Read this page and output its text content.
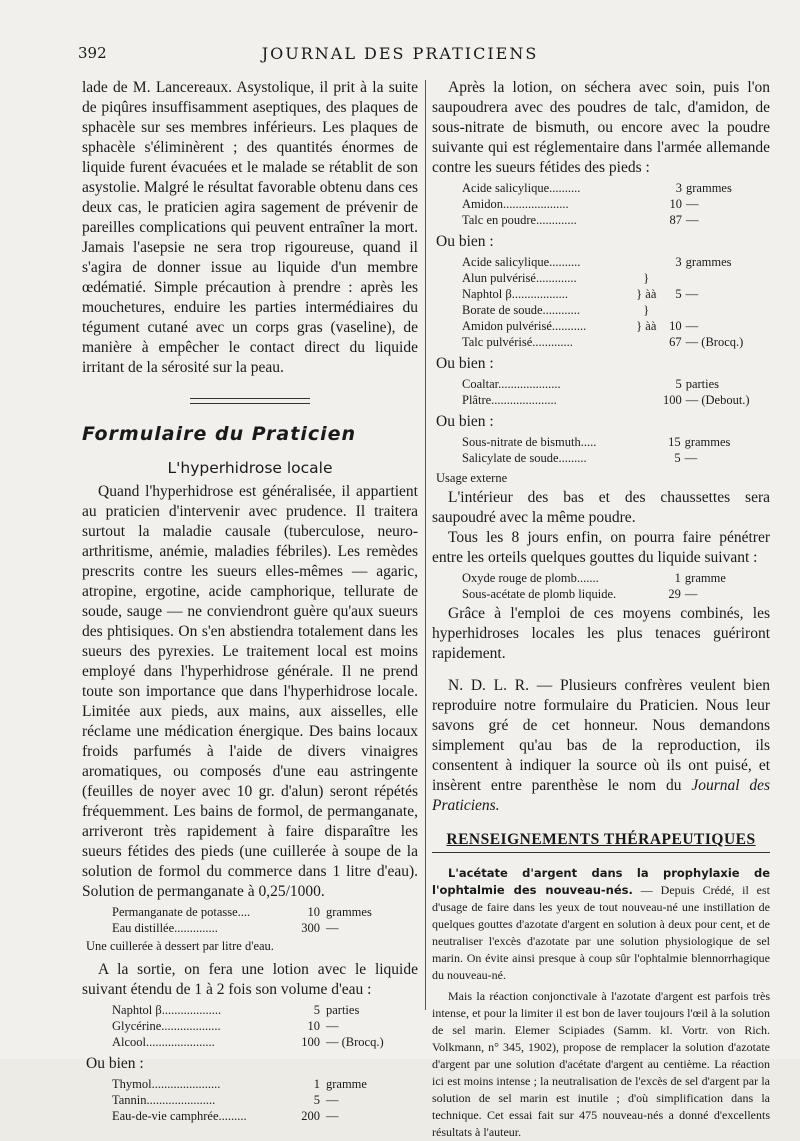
392	JOURNAL DES PRATICIENS

lade de M. Lancereaux. Asystolique, il prit à la suite de piqûres insuffisamment aseptiques, des plaques de sphacèle sur ses membres inférieurs. Les plaques de sphacèle s'éliminèrent ; des quantités énormes de liquide furent évacuées et le malade se rétablit de son asystolie. Malgré le résultat favorable obtenu dans ces deux cas, le praticien agira sagement de prévenir de pareilles complications qui peuvent entraîner la mort. Jamais l'asepsie ne sera trop rigoureuse, quand il s'agira de donner issue au liquide d'un membre œdématié. Simple précaution à prendre : après les mouchetures, enduire les parties intermédiaires du tégument cutané avec un corps gras (vaseline), de manière à empêcher le contact direct du liquide irritant de la sérosité sur la peau.

Formulaire du Praticien
L'hyperhidrose locale

Quand l'hyperhidrose est généralisée, il appartient au praticien d'intervenir avec prudence. Il traitera surtout la maladie causale (tuberculose, neuro-arthritisme, anémie, maladies fébriles). Les remèdes prescrits contre les sueurs elles-mêmes — agaric, atropine, ergotine, acide camphorique, tellurate de soude, sauge — ne conviendront guère qu'aux sueurs des phtisiques. On s'en abstiendra totalement dans les sueurs des pyrexies. Le traitement local est moins employé dans l'hyperhidrose générale. Il ne prend toute son importance que dans l'hyperhidrose locale. Limitée aux pieds, aux mains, aux aisselles, elle réclame une médication énergique. Des bains locaux froids parfumés à l'aide de divers vinaigres aromatiques, ou composés d'une eau astringente (feuilles de noyer avec 10 gr. d'alun) seront répétés fréquemment. Les bains de formol, de permanganate, arriveront très rapidement à faire disparaître les sueurs fétides des pieds (une cuillerée à soupe de la solution de formol du commerce dans 1 litre d'eau). Solution de permanganate à 0,25/1000.

Permanganate de potasse....	10	grammes
Eau distillée..............	300	—
Une cuillerée à dessert par litre d'eau.

A la sortie, on fera une lotion avec le liquide suivant étendu de 1 à 2 fois son volume d'eau :

Naphtol β...................	5	parties
Glycérine...................	10	—
Alcool......................	100	— (Brocq.)
Ou bien :
Thymol......................	1	gramme
Tannin......................	5	—
Eau-de-vie camphrée.........	200	—

Après la lotion, on séchera avec soin, puis l'on saupoudrera avec des poudres de talc, d'amidon, de sous-nitrate de bismuth, ou encore avec la poudre suivante qui est réglementaire dans l'armée allemande contre les sueurs fétides des pieds :

Acide salicylique..........		3	grammes
Amidon.....................		10	—
Talc en poudre.............		87	—
Ou bien :
Acide salicylique..........		3	grammes
Alun pulvérisé.............	}		
Naphtol β..................	} àà	5	—
Borate de soude............	}		
Amidon pulvérisé...........	} àà	10	—
Talc pulvérisé.............		67	— (Brocq.)
Ou bien :
Coaltar....................		5	parties
Plâtre.....................		100	— (Debout.)
Ou bien :
Sous-nitrate de bismuth.....		15	grammes
Salicylate de soude.........		5	—
Usage externe

L'intérieur des bas et des chaussettes sera saupoudré avec la même poudre.

Tous les 8 jours enfin, on pourra faire pénétrer entre les orteils quelques gouttes du liquide suivant :

Oxyde rouge de plomb.......		1	gramme
Sous-acétate de plomb liquide.		29	—

Grâce à l'emploi de ces moyens combinés, les hyperhidroses locales les plus tenaces guériront rapidement.

N. D. L. R. — Plusieurs confrères veulent bien reproduire notre formulaire du Praticien. Nous leur savons gré de cet honneur. Nous demandons simplement qu'au bas de la reproduction, ils consentent à indiquer la source où ils ont puisé, et insèrent entre parenthèse le nom du Journal des Praticiens.

RENSEIGNEMENTS THÉRAPEUTIQUES

L'acétate d'argent dans la prophylaxie de l'ophtalmie des nouveau-nés. — Depuis Crédé, il est d'usage de faire dans les yeux de tout nouveau-né une instillation de quelques gouttes d'azotate d'argent en solution à deux pour cent, et de neutraliser l'excès d'azotate par une solution physiologique de sel marin. On évite ainsi presque à coup sûr l'ophtalmie blennorrhagique du nouveau-né.

Mais la réaction conjonctivale à l'azotate d'argent est parfois très intense, et pour la limiter il est bon de laver toujours l'œil à la solution de sel marin. Elemer Scipiades (Samm. kl. Vortr. von Rich. Volkmann, n° 345, 1902), propose de remplacer la solution d'azotate d'argent par une solution d'acétate d'argent au centième. La réaction ici est moins intense ; la neutralisation de l'excès de sel d'argent par la solution de sel marin est inutile ; d'où simplification dans la technique. Cet essai fait sur 475 nouveau-nés a donné d'excellents résultats à l'auteur.
